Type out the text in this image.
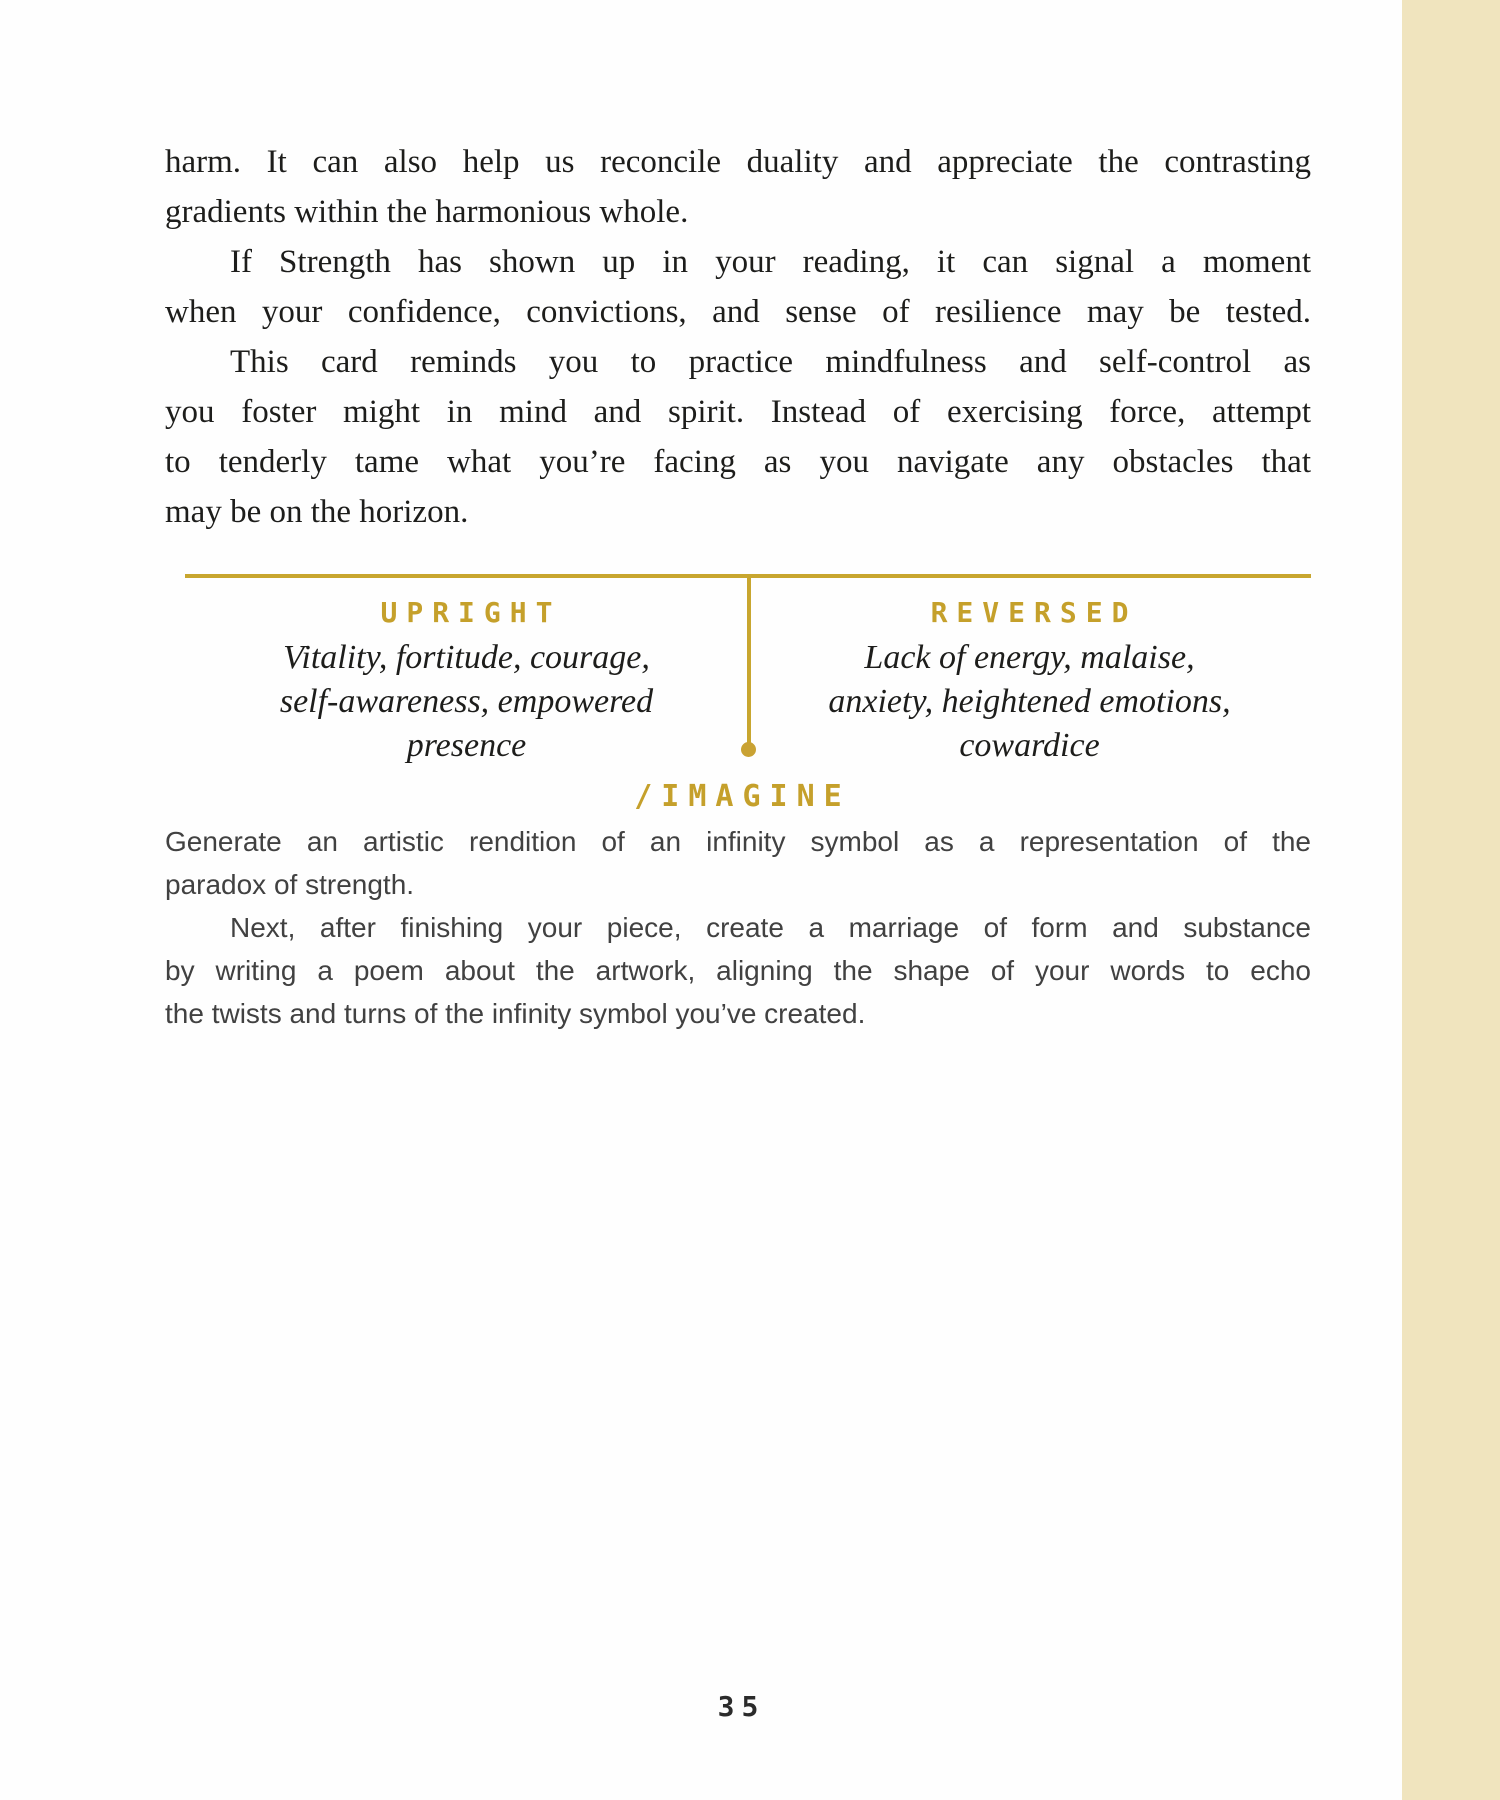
harm. It can also help us reconcile duality and appreciate the contrasting
gradients within the harmonious whole.
If Strength has shown up in your reading, it can signal a moment
when your confidence, convictions, and sense of resilience may be tested.
This card reminds you to practice mindfulness and self-control as
you foster might in mind and spirit. Instead of exercising force, attempt
to tenderly tame what you’re facing as you navigate any obstacles that
may be on the horizon.
UPRIGHT
Vitality, fortitude, courage,
self-awareness, empowered
presence
REVERSED
Lack of energy, malaise,
anxiety, heightened emotions,
cowardice
/IMAGINE
Generate an artistic rendition of an infinity symbol as a representation of the
paradox of strength.
Next, after finishing your piece, create a marriage of form and substance
by writing a poem about the artwork, aligning the shape of your words to echo
the twists and turns of the infinity symbol you’ve created.
35
